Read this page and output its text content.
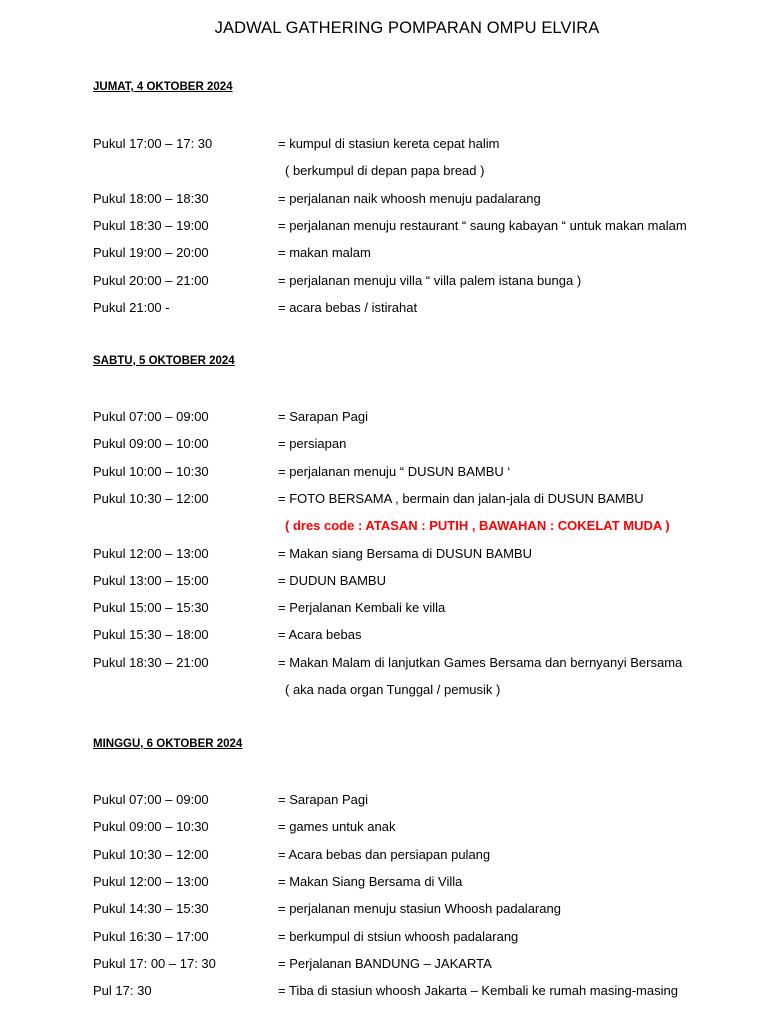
JADWAL GATHERING POMPARAN OMPU ELVIRA
JUMAT, 4 OKTOBER 2024
Pukul 17:00 – 17: 30	= kumpul di stasiun kereta cepat halim
( berkumpul di depan papa bread )
Pukul 18:00 – 18:30	= perjalanan naik whoosh menuju padalarang
Pukul 18:30 – 19:00	= perjalanan menuju restaurant “ saung kabayan “ untuk makan malam
Pukul 19:00 – 20:00	= makan malam
Pukul 20:00 – 21:00	= perjalanan menuju villa “ villa palem istana bunga )
Pukul 21:00 -	= acara bebas / istirahat
SABTU, 5 OKTOBER 2024
Pukul 07:00 – 09:00	= Sarapan Pagi
Pukul 09:00 – 10:00	= persiapan
Pukul 10:00 – 10:30	= perjalanan menuju “ DUSUN BAMBU ‘
Pukul 10:30 – 12:00	= FOTO BERSAMA , bermain dan jalan-jala di DUSUN BAMBU
( dres code : ATASAN : PUTIH , BAWAHAN : COKELAT MUDA )
Pukul 12:00 – 13:00	= Makan siang Bersama di DUSUN BAMBU
Pukul 13:00 – 15:00	= DUDUN BAMBU
Pukul 15:00 – 15:30	= Perjalanan Kembali ke villa
Pukul 15:30 – 18:00	= Acara bebas
Pukul 18:30 – 21:00	= Makan Malam di lanjutkan Games Bersama dan bernyanyi Bersama
( aka nada organ Tunggal / pemusik )
MINGGU, 6 OKTOBER 2024
Pukul 07:00 – 09:00	= Sarapan Pagi
Pukul 09:00 – 10:30	= games untuk anak
Pukul 10:30 – 12:00	= Acara bebas dan persiapan pulang
Pukul 12:00 – 13:00	= Makan Siang Bersama di Villa
Pukul 14:30 – 15:30	= perjalanan menuju stasiun Whoosh padalarang
Pukul 16:30 – 17:00	= berkumpul di stsiun whoosh padalarang
Pukul 17: 00 – 17: 30	= Perjalanan BANDUNG – JAKARTA
Pul 17: 30	= Tiba di stasiun whoosh Jakarta – Kembali ke rumah masing-masing
